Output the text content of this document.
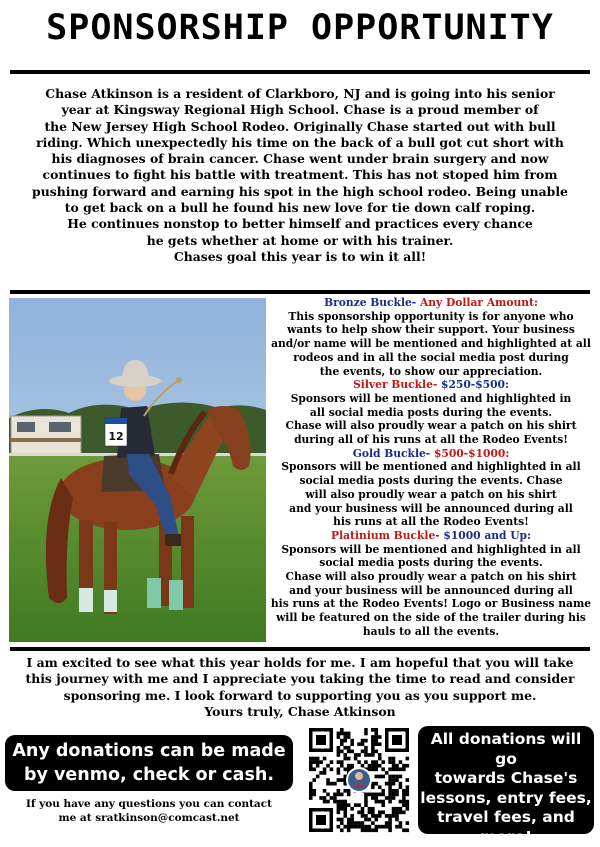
SPONSORSHIP OPPORTUNITY

Chase Atkinson is a resident of Clarkboro, NJ and is going into his senior

year at Kingsway Regional High School. Chase is a proud member of

the New Jersey High School Rodeo. Originally Chase started out with bull

riding. Which unexpectedly his time on the back of a bull got cut short with

his diagnoses of brain cancer. Chase went under brain surgery and now

continues to fight his battle with treatment. This has not stoped him from

pushing forward and earning his spot in the high school rodeo. Being unable

to get back on a bull he found his new love for tie down calf roping.

He continues nonstop to better himself and practices every chance

he gets whether at home or with his trainer.

Chases goal this year is to win it all!

12

Bronze Buckle- Any Dollar Amount:

This sponsorship opportunity is for anyone who

wants to help show their support. Your business

and/or name will be mentioned and highlighted at all

rodeos and in all the social media post during

the events, to show our appreciation.

Silver Buckle- $250-$500:

Sponsors will be mentioned and highlighted in

all social media posts during the events.

Chase will also proudly wear a patch on his shirt

during all of his runs at all the Rodeo Events!

Gold Buckle- $500-$1000:

Sponsors will be mentioned and highlighted in all

social media posts during the events. Chase

will also proudly wear a patch on his shirt

and your business will be announced during all

his runs at all the Rodeo Events!

Platinium Buckle- $1000 and Up:

Sponsors will be mentioned and highlighted in all

social media posts during the events.

Chase will also proudly wear a patch on his shirt

and your business will be announced during all

his runs at the Rodeo Events! Logo or Business name

will be featured on the side of the trailer during his

hauls to all the events.

I am excited to see what this year holds for me. I am hopeful that you will take

this journey with me and I appreciate you taking the time to read and consider

sponsoring me. I look forward to supporting you as you support me.

Yours truly, Chase Atkinson

Any donations can be made

by venmo, check or cash.

If you have any questions you can contact

me at sratkinson@comcast.net

All donations will go

towards Chase's

lessons, entry fees,

travel fees, and more!
